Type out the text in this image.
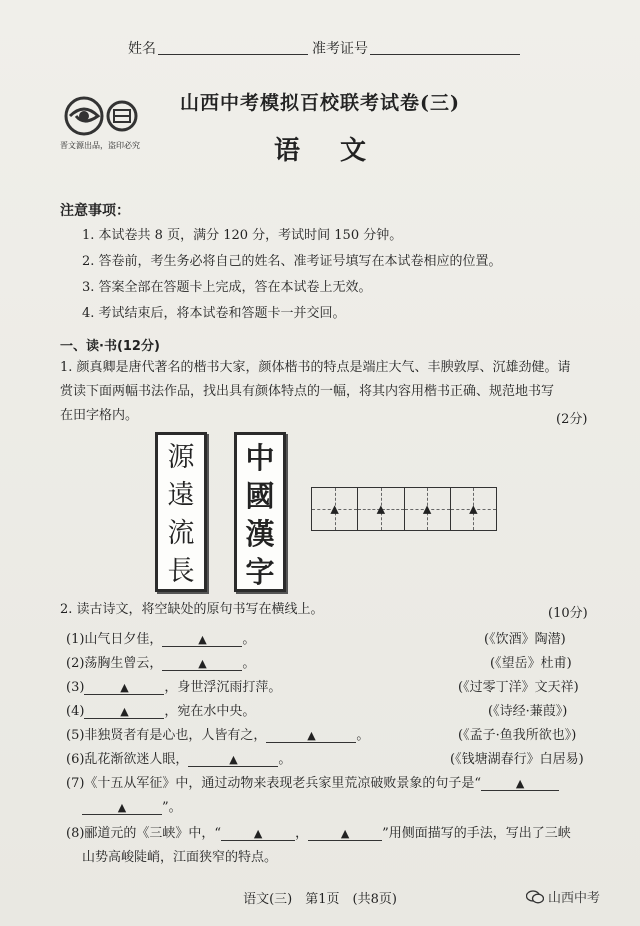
姓名	准考证号
晋文源出品，盗印必究
山西中考模拟百校联考试卷(三)
语文
注意事项：
1. 本试卷共 8 页，满分 120 分，考试时间 150 分钟。
2. 答卷前，考生务必将自己的姓名、准考证号填写在本试卷相应的位置。
3. 答案全部在答题卡上完成，答在本试卷上无效。
4. 考试结束后，将本试卷和答题卡一并交回。
一、读·书(12分)
1. 颜真卿是唐代著名的楷书大家，颜体楷书的特点是端庄大气、丰腴敦厚、沉雄劲健。请
赏读下面两幅书法作品，找出具有颜体特点的一幅，将其内容用楷书正确、规范地书写
在田字格内。	(2分)
源
遠
流
長
中
國
漢
字
▲	▲	▲	▲
2. 读古诗文，将空缺处的原句书写在横线上。	(10分)
(1)山气日夕佳，	▲	。	(《饮酒》陶潜)
(2)荡胸生曾云，	▲	。	(《望岳》杜甫)
(3)	▲	，身世浮沉雨打萍。	(《过零丁洋》文天祥)
(4)	▲	，宛在水中央。	(《诗经·蒹葭》)
(5)非独贤者有是心也，人皆有之，	▲	。	(《孟子·鱼我所欲也》)
(6)乱花渐欲迷人眼，	▲	。	(《钱塘湖春行》白居易)
(7)《十五从军征》中，通过动物来表现老兵家里荒凉破败景象的句子是“	▲
▲	”。
(8)郦道元的《三峡》中，“	▲	，	▲	”用侧面描写的手法，写出了三峡
山势高峻陡峭，江面狭窄的特点。
语文(三)　第1页　(共8页)	山西中考
